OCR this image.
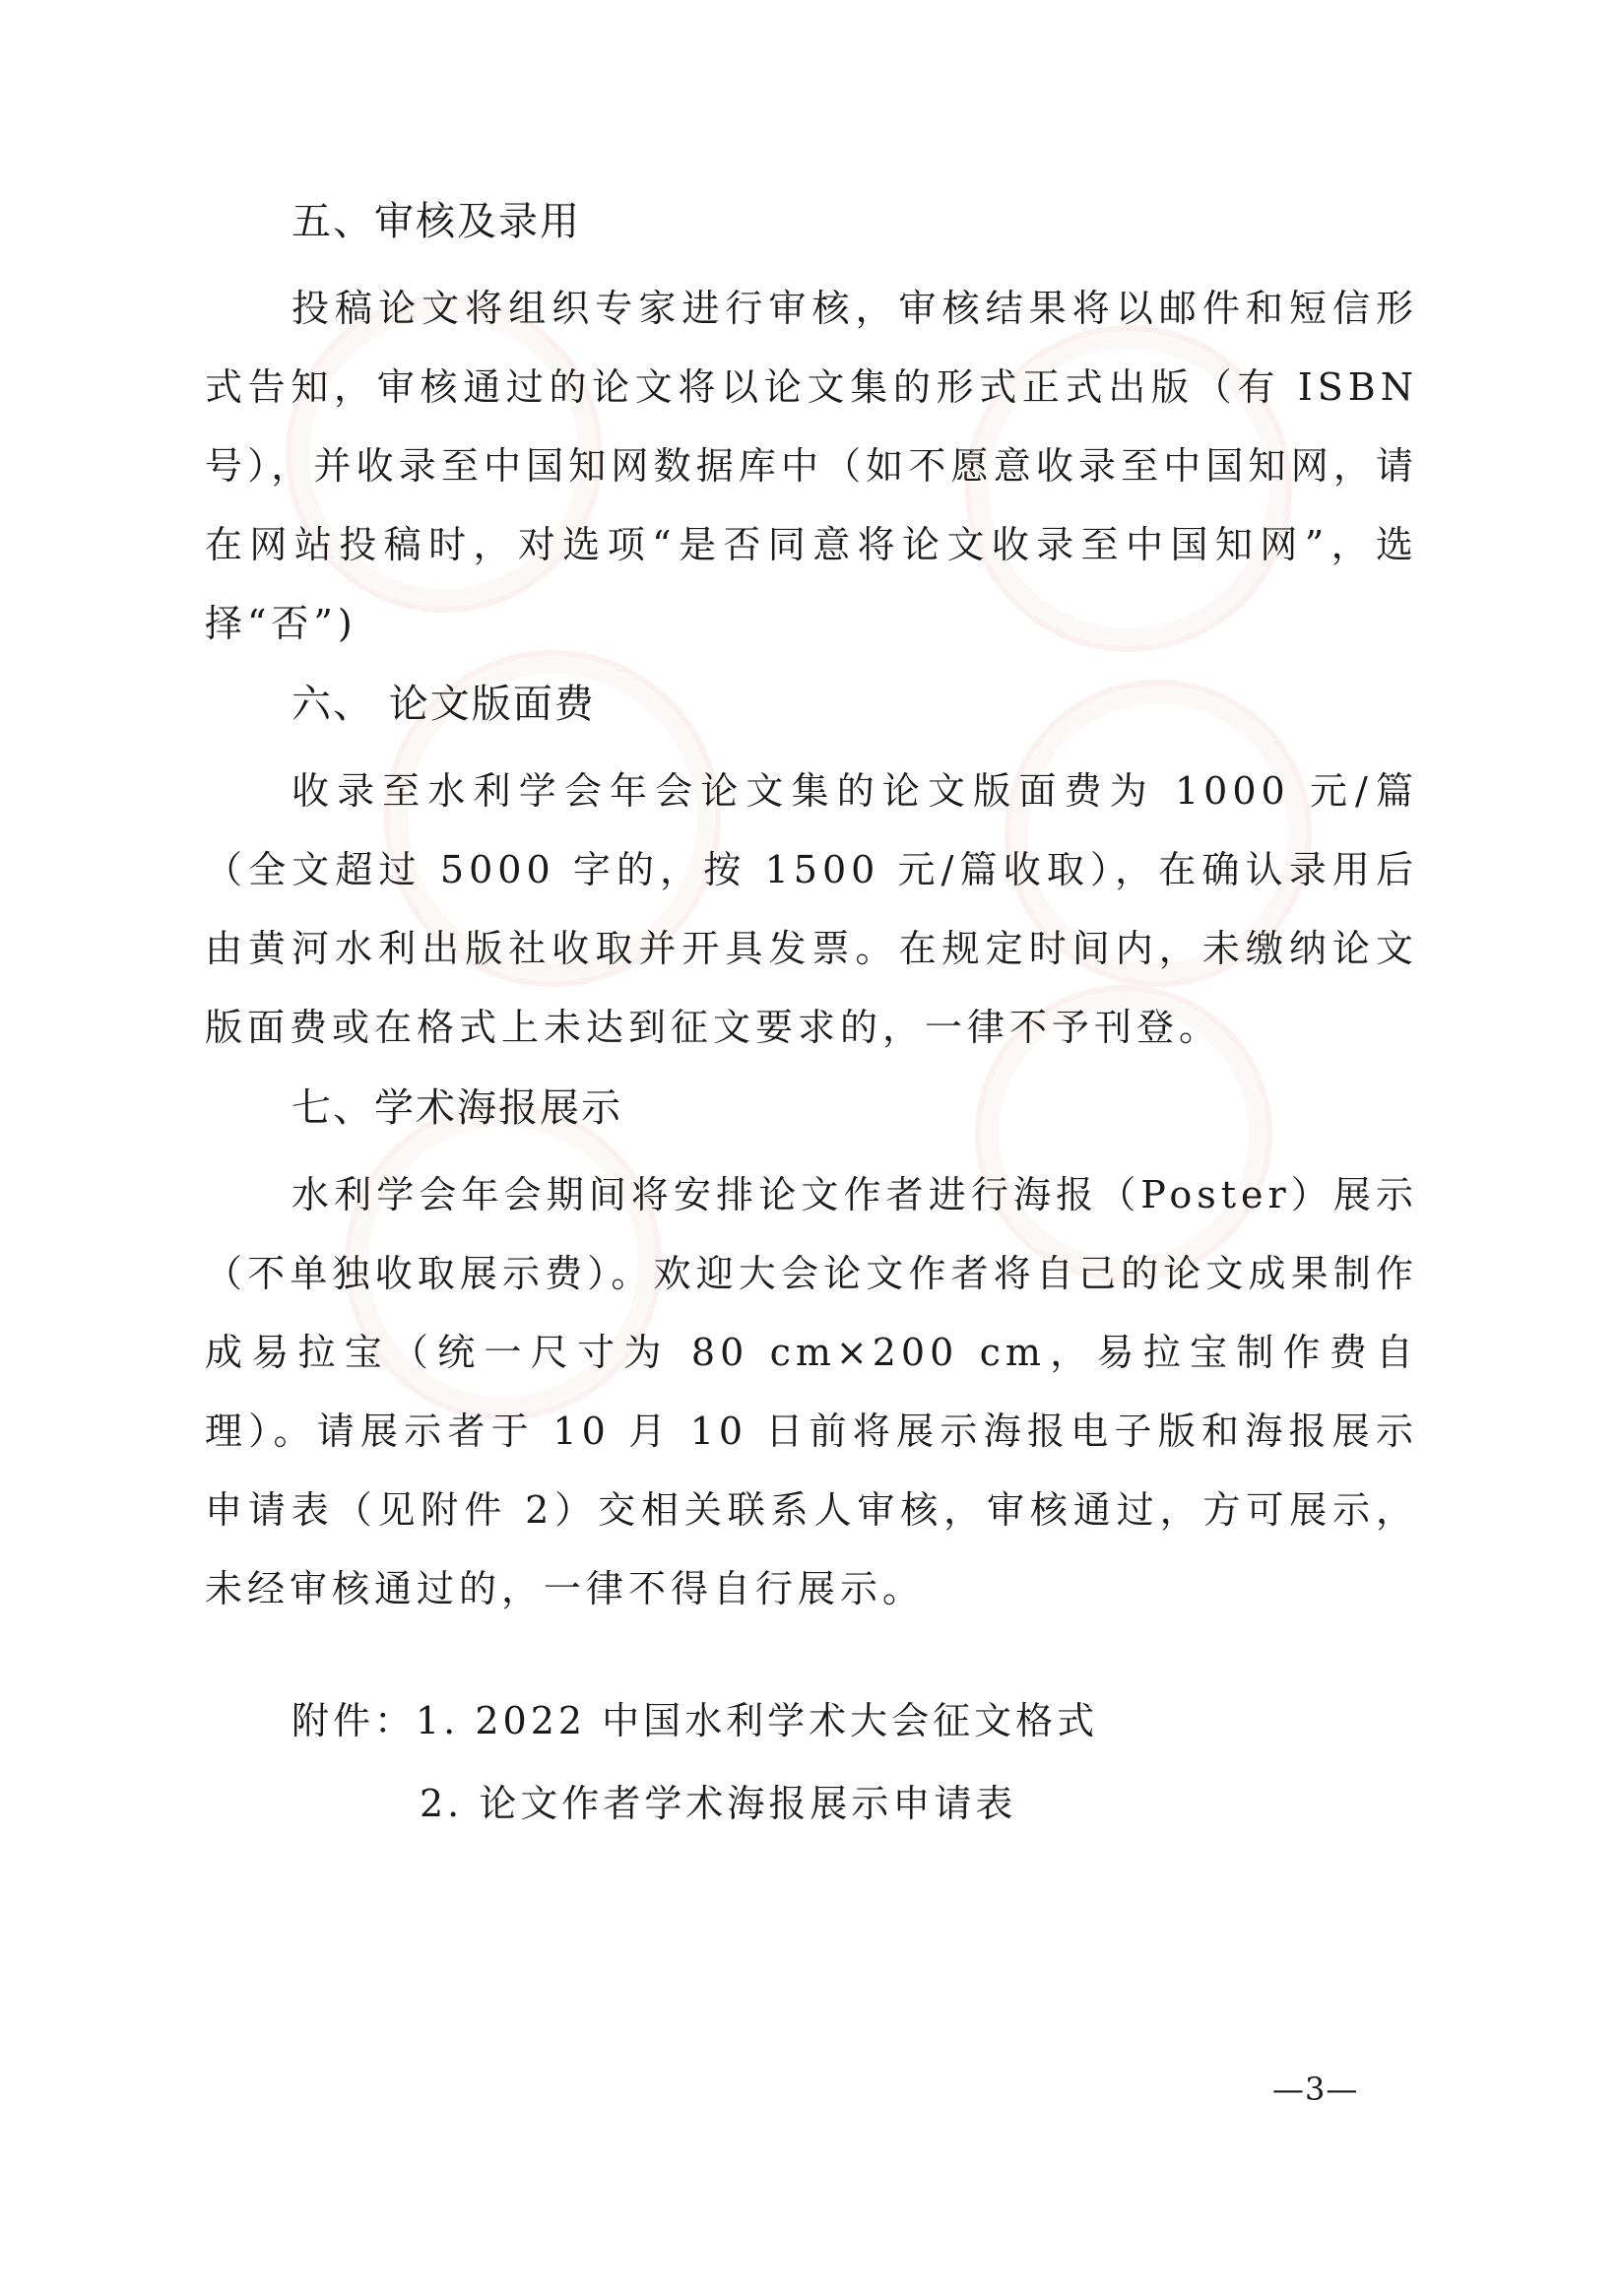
五、审核及录用

投稿论文将组织专家进行审核，审核结果将以邮件和短信形式告知，审核通过的论文将以论文集的形式正式出版（有 ISBN号），并收录至中国知网数据库中（如不愿意收录至中国知网，请在网站投稿时，对选项“是否同意将论文收录至中国知网”，选择“否”)

六、 论文版面费

收录至水利学会年会论文集的论文版面费为 1000 元/篇（全文超过 5000 字的，按 1500 元/篇收取），在确认录用后由黄河水利出版社收取并开具发票。在规定时间内，未缴纳论文版面费或在格式上未达到征文要求的，一律不予刊登。

七、学术海报展示

水利学会年会期间将安排论文作者进行海报（Poster）展示（不单独收取展示费）。欢迎大会论文作者将自己的论文成果制作成易拉宝（统一尺寸为 80 cm×200 cm，易拉宝制作费自理）。请展示者于 10 月 10 日前将展示海报电子版和海报展示申请表（见附件 2）交相关联系人审核，审核通过，方可展示，未经审核通过的，一律不得自行展示。

附件：1. 2022 中国水利学术大会征文格式
2. 论文作者学术海报展示申请表
—3—
